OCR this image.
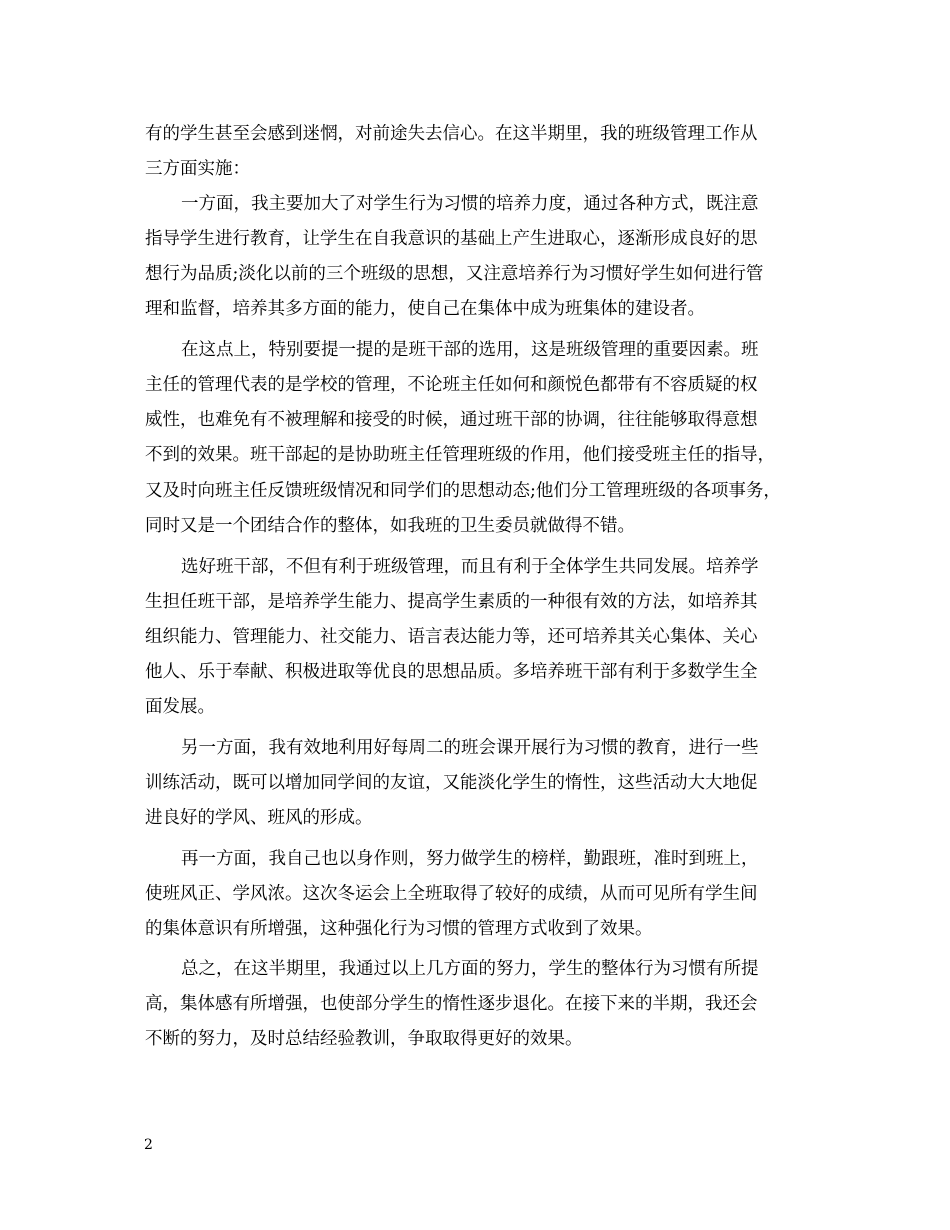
有的学生甚至会感到迷惘，对前途失去信心。在这半期里，我的班级管理工作从

三方面实施：

一方面，我主要加大了对学生行为习惯的培养力度，通过各种方式，既注意

指导学生进行教育，让学生在自我意识的基础上产生进取心，逐渐形成良好的思

想行为品质;淡化以前的三个班级的思想，又注意培养行为习惯好学生如何进行管

理和监督，培养其多方面的能力，使自己在集体中成为班集体的建设者。

在这点上，特别要提一提的是班干部的选用，这是班级管理的重要因素。班

主任的管理代表的是学校的管理，不论班主任如何和颜悦色都带有不容质疑的权

威性，也难免有不被理解和接受的时候，通过班干部的协调，往往能够取得意想

不到的效果。班干部起的是协助班主任管理班级的作用，他们接受班主任的指导，

又及时向班主任反馈班级情况和同学们的思想动态;他们分工管理班级的各项事务，

同时又是一个团结合作的整体，如我班的卫生委员就做得不错。

选好班干部，不但有利于班级管理，而且有利于全体学生共同发展。培养学

生担任班干部，是培养学生能力、提高学生素质的一种很有效的方法，如培养其

组织能力、管理能力、社交能力、语言表达能力等，还可培养其关心集体、关心

他人、乐于奉献、积极进取等优良的思想品质。多培养班干部有利于多数学生全

面发展。

另一方面，我有效地利用好每周二的班会课开展行为习惯的教育，进行一些

训练活动，既可以增加同学间的友谊，又能淡化学生的惰性，这些活动大大地促

进良好的学风、班风的形成。

再一方面，我自己也以身作则，努力做学生的榜样，勤跟班，准时到班上，

使班风正、学风浓。这次冬运会上全班取得了较好的成绩，从而可见所有学生间

的集体意识有所增强，这种强化行为习惯的管理方式收到了效果。

总之，在这半期里，我通过以上几方面的努力，学生的整体行为习惯有所提

高，集体感有所增强，也使部分学生的惰性逐步退化。在接下来的半期，我还会

不断的努力，及时总结经验教训，争取取得更好的效果。

2
